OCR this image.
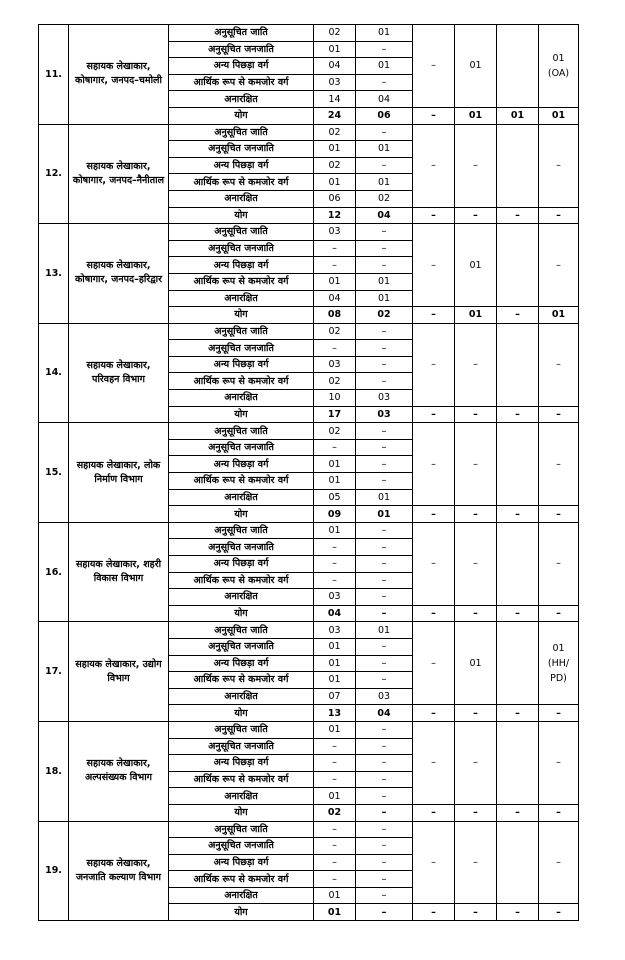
11.	सहायक लेखाकार, कोषागार, जनपद–चमोली	अनुसूचित जाति	02	01	–	01		01
(OA)	
		अनुसूचित जनजाति	01	–	
		अन्य पिछड़ा वर्ग	04	01	
		आर्थिक रूप से कमजोर वर्ग	03	–	
		अनारक्षित	14	04	
		योग	24	06	–	01	01	01	
12.	सहायक लेखाकार, कोषागार, जनपद–नैनीताल	अनुसूचित जाति	02	–	–	–		–	
		अनुसूचित जनजाति	01	01	
		अन्य पिछड़ा वर्ग	02	–	
		आर्थिक रूप से कमजोर वर्ग	01	01	
		अनारक्षित	06	02	
		योग	12	04	–	–	–	–	
13.	सहायक लेखाकार, कोषागार, जनपद–हरिद्वार	अनुसूचित जाति	03	–	–	01		–	
		अनुसूचित जनजाति	–	–	
		अन्य पिछड़ा वर्ग	–	–	
		आर्थिक रूप से कमजोर वर्ग	01	01	
		अनारक्षित	04	01	
		योग	08	02	–	01	–	01	
14.	सहायक लेखाकार, परिवहन विभाग	अनुसूचित जाति	02	–	–	–		–	
		अनुसूचित जनजाति	–	–	
		अन्य पिछड़ा वर्ग	03	–	
		आर्थिक रूप से कमजोर वर्ग	02	–	
		अनारक्षित	10	03	
		योग	17	03	–	–	–	–	
15.	सहायक लेखाकार, लोक निर्माण विभाग	अनुसूचित जाति	02	–	–	–		–	
		अनुसूचित जनजाति	–	–	
		अन्य पिछड़ा वर्ग	01	–	
		आर्थिक रूप से कमजोर वर्ग	01	–	
		अनारक्षित	05	01	
		योग	09	01	–	–	–	–	
16.	सहायक लेखाकार, शहरी विकास विभाग	अनुसूचित जाति	01	–	–	–		–	
		अनुसूचित जनजाति	–	–	
		अन्य पिछड़ा वर्ग	–	–	
		आर्थिक रूप से कमजोर वर्ग	–	–	
		अनारक्षित	03	–	
		योग	04	–	–	–	–	–	
17.	सहायक लेखाकार, उद्योग विभाग	अनुसूचित जाति	03	01	–	01		01
(HH/
PD)	
		अनुसूचित जनजाति	01	–	
		अन्य पिछड़ा वर्ग	01	–	
		आर्थिक रूप से कमजोर वर्ग	01	–	
		अनारक्षित	07	03	
		योग	13	04	–	–	–	–	
18.	सहायक लेखाकार, अल्पसंख्यक विभाग	अनुसूचित जाति	01	–	–	–		–	
		अनुसूचित जनजाति	–	–	
		अन्य पिछड़ा वर्ग	–	–	
		आर्थिक रूप से कमजोर वर्ग	–	–	
		अनारक्षित	01	–	
		योग	02	–	–	–	–	–	
19.	सहायक लेखाकार, जनजाति कल्याण विभाग	अनुसूचित जाति	–	–	–	–		–	
		अनुसूचित जनजाति	–	–	
		अन्य पिछड़ा वर्ग	–	–	
		आर्थिक रूप से कमजोर वर्ग	–	–	
		अनारक्षित	01	–	
		योग	01	–	–	–	–	–	
